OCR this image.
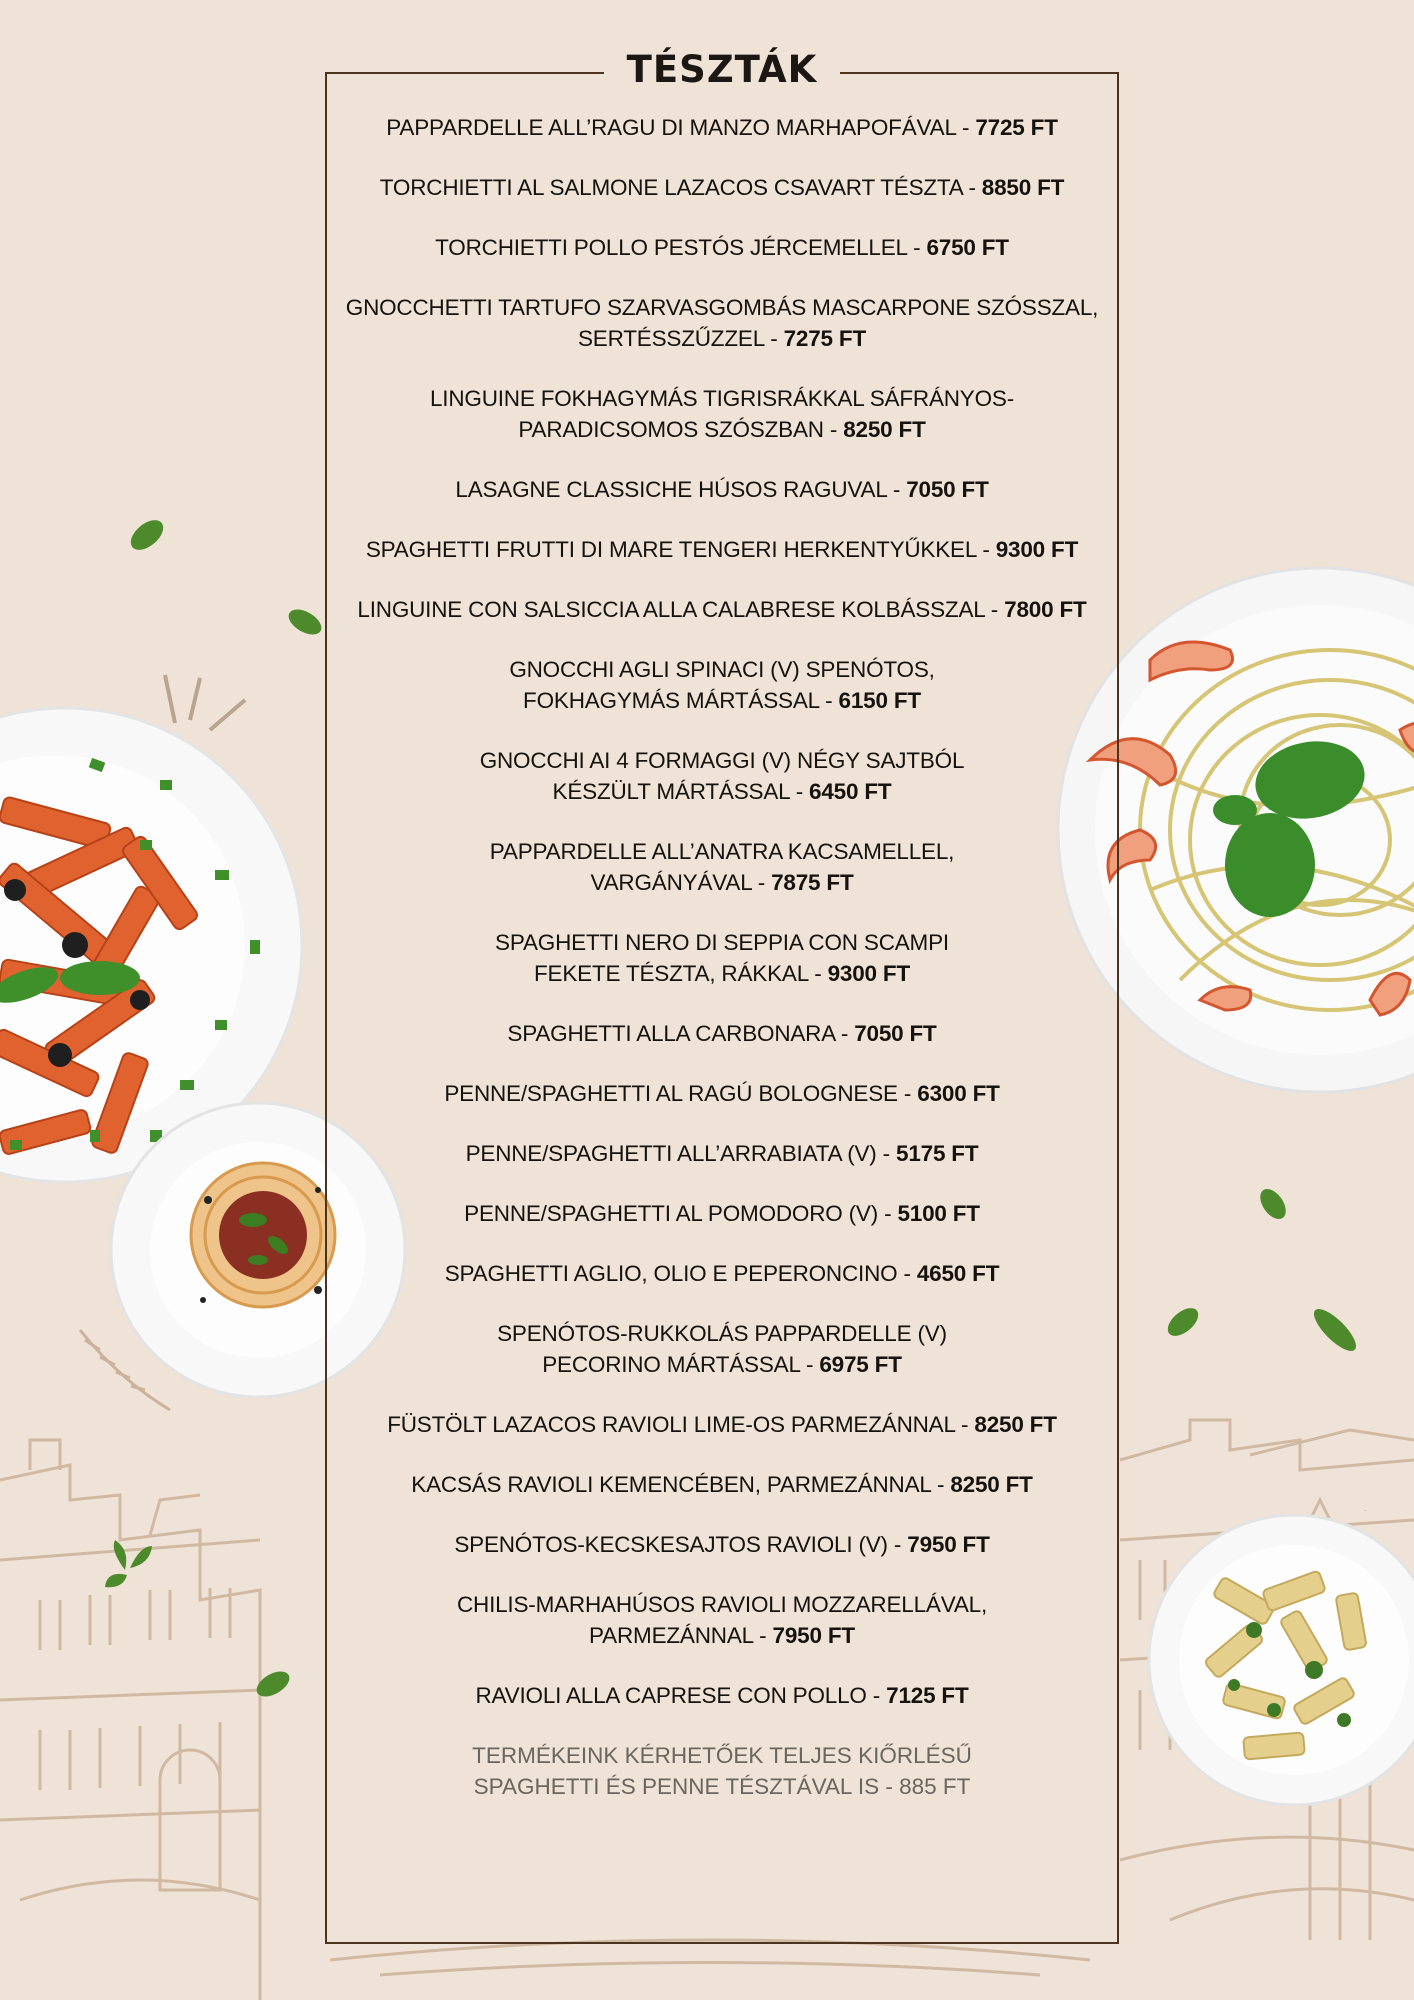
TÉSZTÁK
PAPPARDELLE ALL’RAGU DI MANZO MARHAPOFÁVAL - 7725 FT
TORCHIETTI AL SALMONE LAZACOS CSAVART TÉSZTA - 8850 FT
TORCHIETTI POLLO PESTÓS JÉRCEMELLEL - 6750 FT
GNOCCHETTI TARTUFO SZARVASGOMBÁS MASCARPONE SZÓSSZAL,
SERTÉSSZŰZZEL - 7275 FT
LINGUINE FOKHAGYMÁS TIGRISRÁKKAL SÁFRÁNYOS-
PARADICSOMOS SZÓSZBAN - 8250 FT
LASAGNE CLASSICHE HÚSOS RAGUVAL - 7050 FT
SPAGHETTI FRUTTI DI MARE TENGERI HERKENTYŰKKEL - 9300 FT
LINGUINE CON SALSICCIA ALLA CALABRESE KOLBÁSSZAL - 7800 FT
GNOCCHI AGLI SPINACI (V) SPENÓTOS,
FOKHAGYMÁS MÁRTÁSSAL - 6150 FT
GNOCCHI AI 4 FORMAGGI (V) NÉGY SAJTBÓL
KÉSZÜLT MÁRTÁSSAL - 6450 FT
PAPPARDELLE ALL’ANATRA KACSAMELLEL,
VARGÁNYÁVAL - 7875 FT
SPAGHETTI NERO DI SEPPIA CON SCAMPI
FEKETE TÉSZTA, RÁKKAL - 9300 FT
SPAGHETTI ALLA CARBONARA - 7050 FT
PENNE/SPAGHETTI AL RAGÚ BOLOGNESE - 6300 FT
PENNE/SPAGHETTI ALL’ARRABIATA (V) - 5175 FT
PENNE/SPAGHETTI AL POMODORO (V) - 5100 FT
SPAGHETTI AGLIO, OLIO E PEPERONCINO - 4650 FT
SPENÓTOS-RUKKOLÁS PAPPARDELLE (V)
PECORINO MÁRTÁSSAL - 6975 FT
FÜSTÖLT LAZACOS RAVIOLI LIME-OS PARMEZÁNNAL - 8250 FT
KACSÁS RAVIOLI KEMENCÉBEN, PARMEZÁNNAL - 8250 FT
SPENÓTOS-KECSKESAJTOS RAVIOLI (V) - 7950 FT
CHILIS-MARHAHÚSOS RAVIOLI MOZZARELLÁVAL,
PARMEZÁNNAL - 7950 FT
RAVIOLI ALLA CAPRESE CON POLLO - 7125 FT
TERMÉKEINK KÉRHETŐEK TELJES KIŐRLÉSŰ
SPAGHETTI ÉS PENNE TÉSZTÁVAL IS - 885 FT
